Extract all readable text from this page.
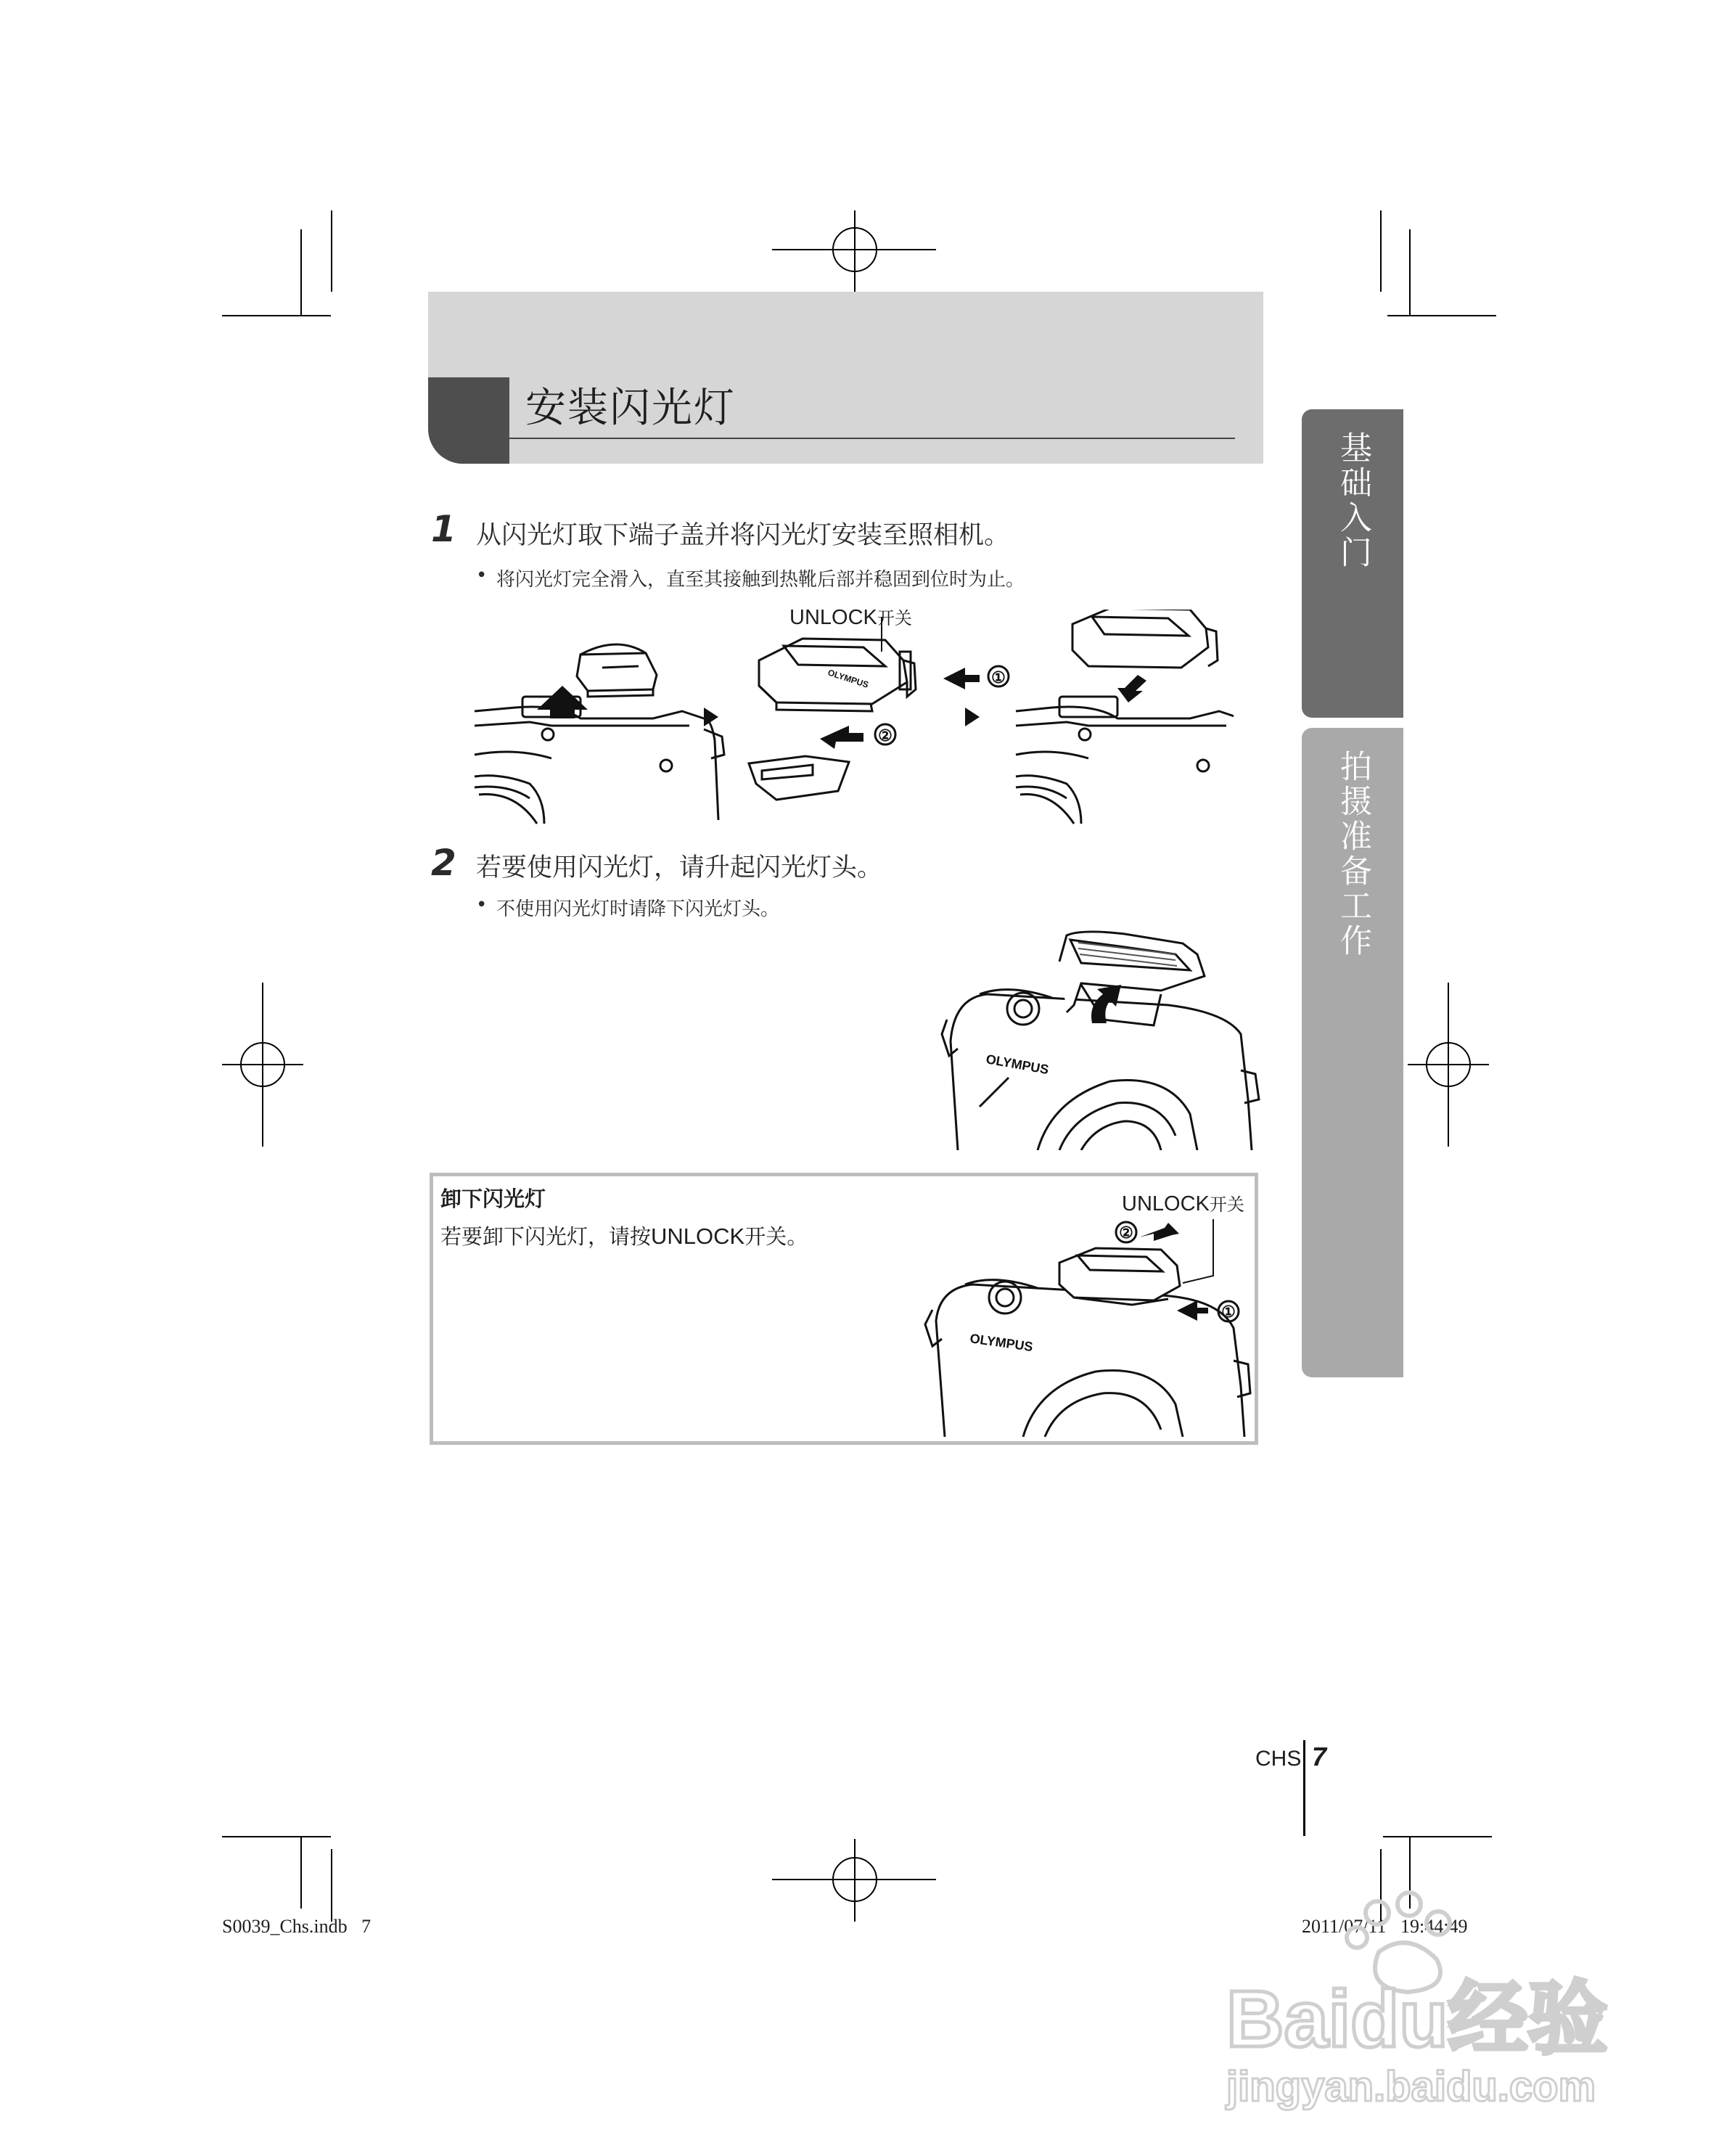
安装闪光灯
基础入门
拍摄准备工作
1 从闪光灯取下端子盖并将闪光灯安装至照相机。
• 将闪光灯完全滑入，直至其接触到热靴后部并稳固到位时为止。
UNLOCK开关
①
②
OLYMPUS
2 若要使用闪光灯，请升起闪光灯头。
• 不使用闪光灯时请降下闪光灯头。
OLYMPUS
卸下闪光灯
若要卸下闪光灯，请按UNLOCK开关。
UNLOCK开关
②
①
OLYMPUS
CHS 7
S0039_Chs.indb   7	2011/07/11   19:44:49
Baidu经验
jingyan.baidu.com
